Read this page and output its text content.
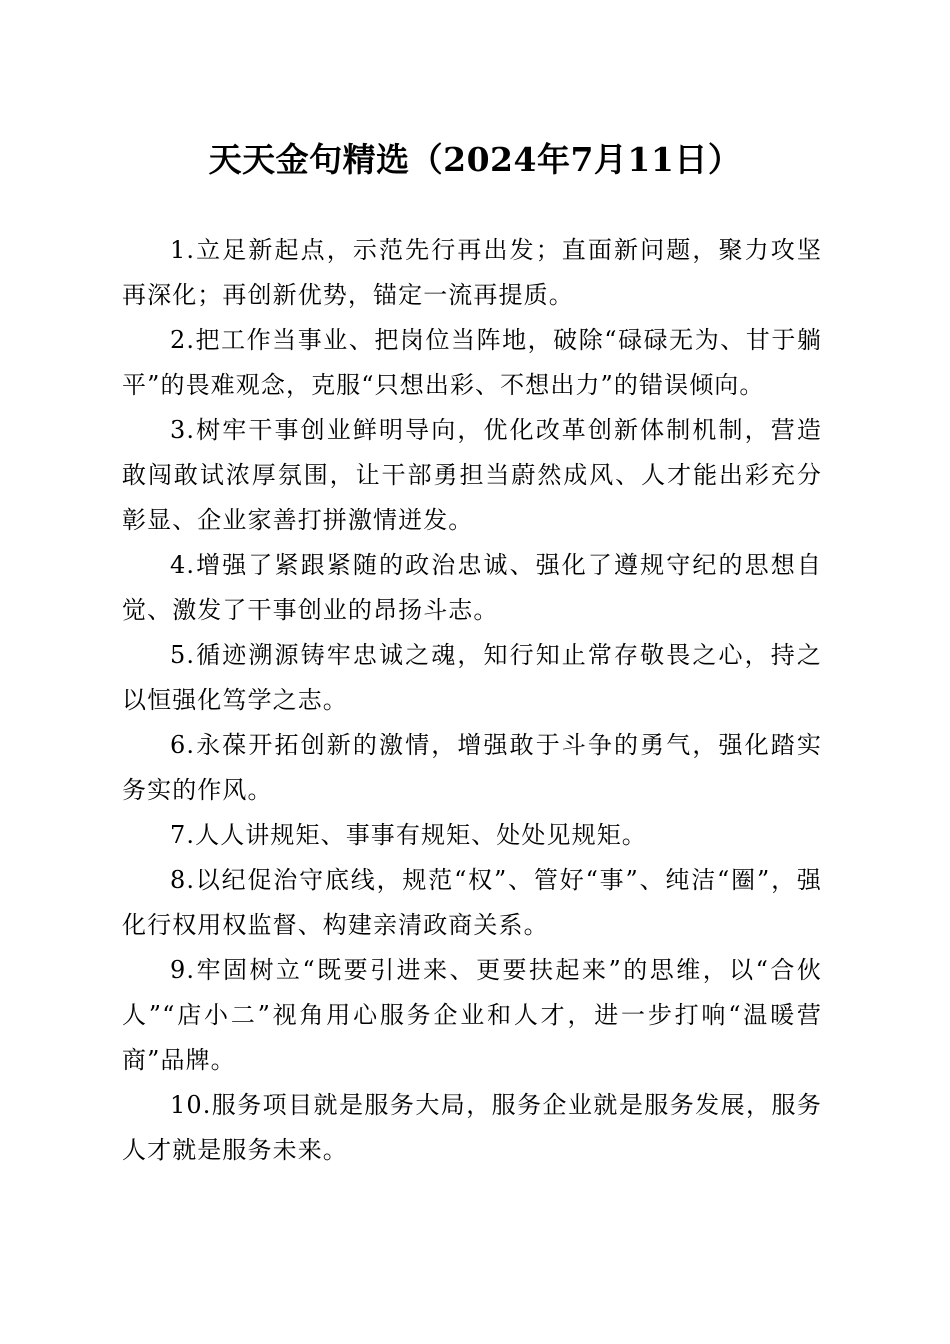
天天金句精选（2024年7月11日）

1.立足新起点，示范先行再出发；直面新问题，聚力攻坚再深化；再创新优势，锚定一流再提质。

2.把工作当事业、把岗位当阵地，破除“碌碌无为、甘于躺平”的畏难观念，克服“只想出彩、不想出力”的错误倾向。

3.树牢干事创业鲜明导向，优化改革创新体制机制，营造敢闯敢试浓厚氛围，让干部勇担当蔚然成风、人才能出彩充分彰显、企业家善打拼激情迸发。

4.增强了紧跟紧随的政治忠诚、强化了遵规守纪的思想自觉、激发了干事创业的昂扬斗志。

5.循迹溯源铸牢忠诚之魂，知行知止常存敬畏之心，持之以恒强化笃学之志。

6.永葆开拓创新的激情，增强敢于斗争的勇气，强化踏实务实的作风。

7.人人讲规矩、事事有规矩、处处见规矩。

8.以纪促治守底线，规范“权”、管好“事”、纯洁“圈”，强化行权用权监督、构建亲清政商关系。

9.牢固树立“既要引进来、更要扶起来”的思维，以“合伙人”“店小二”视角用心服务企业和人才，进一步打响“温暖营商”品牌。

10.服务项目就是服务大局，服务企业就是服务发展，服务人才就是服务未来。
